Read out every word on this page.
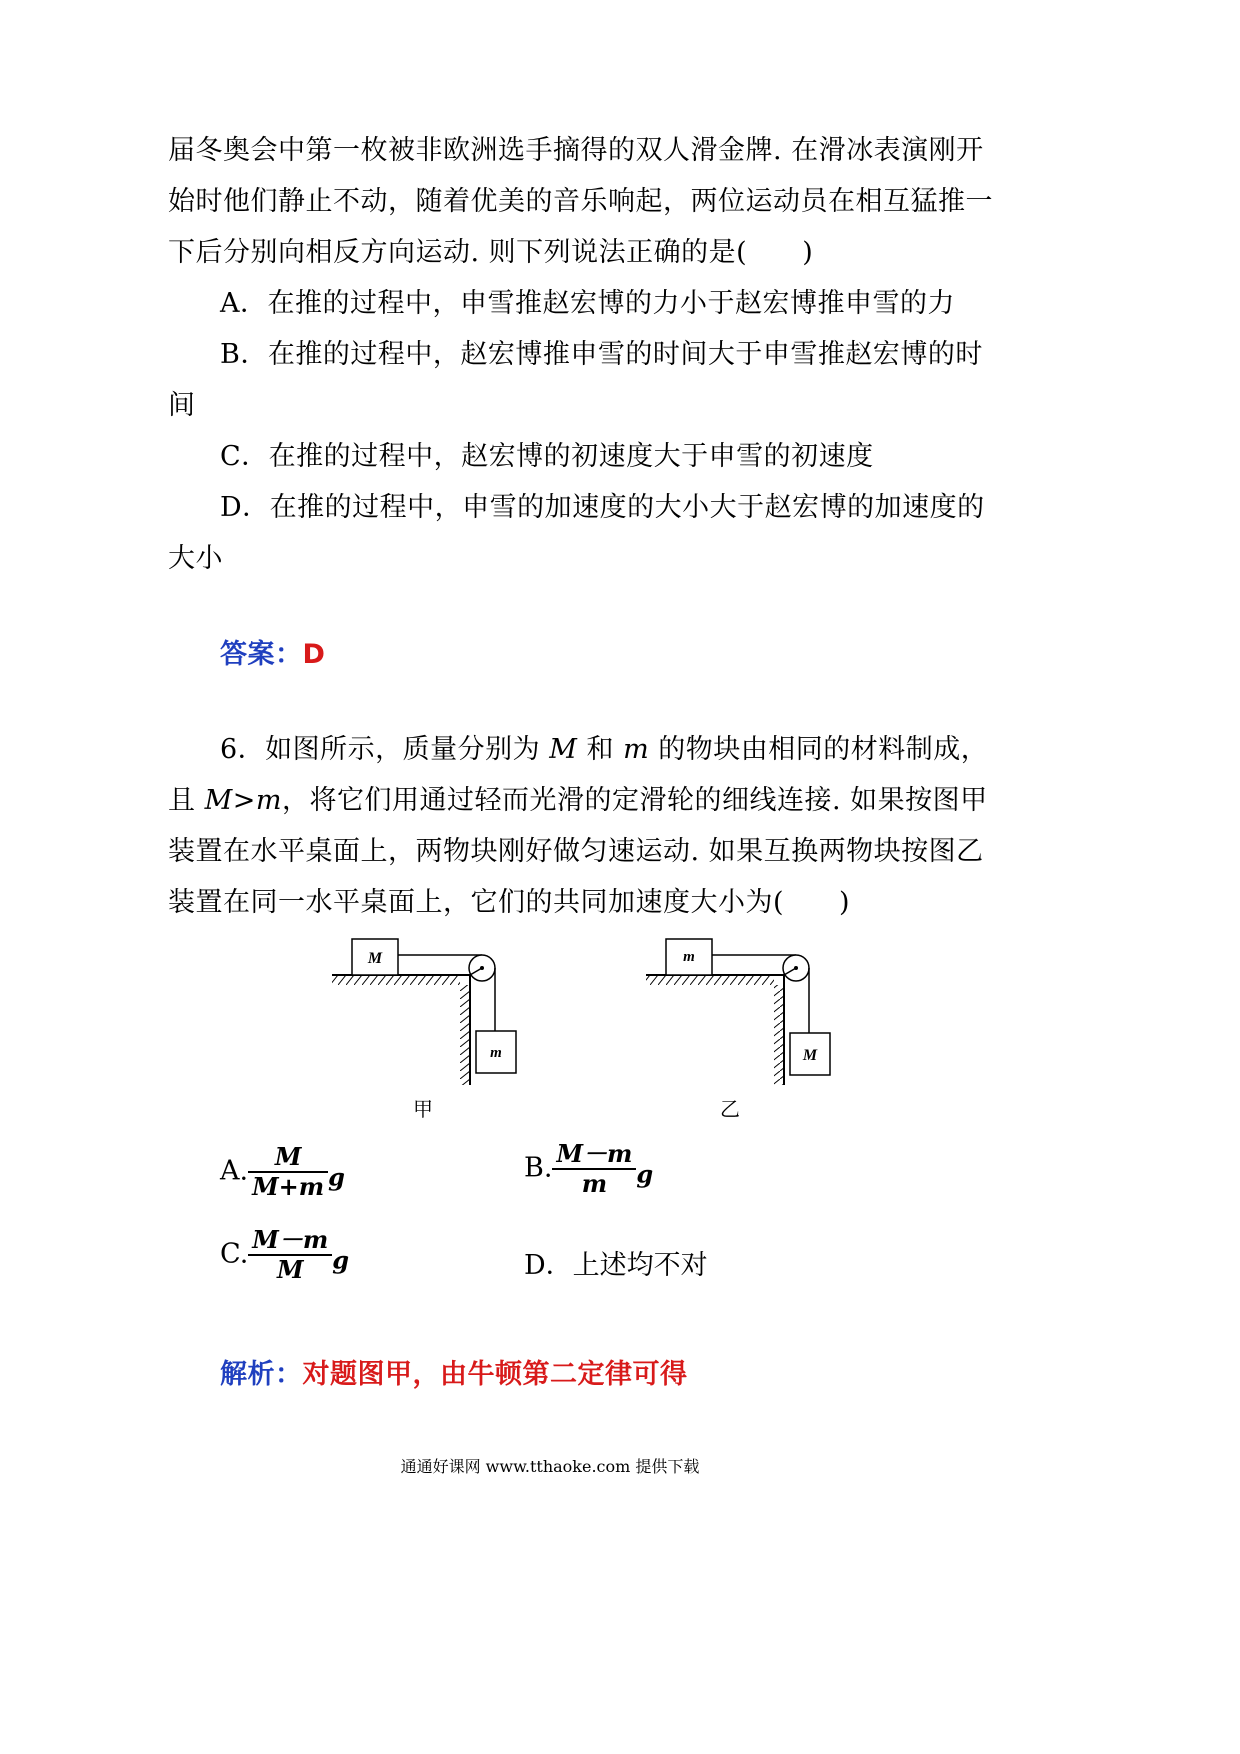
届冬奥会中第一枚被非欧洲选手摘得的双人滑金牌. 在滑冰表演刚开
始时他们静止不动，随着优美的音乐响起，两位运动员在相互猛推一
下后分别向相反方向运动. 则下列说法正确的是(　　)
A．在推的过程中，申雪推赵宏博的力小于赵宏博推申雪的力
B．在推的过程中，赵宏博推申雪的时间大于申雪推赵宏博的时
间
C．在推的过程中，赵宏博的初速度大于申雪的初速度
D．在推的过程中，申雪的加速度的大小大于赵宏博的加速度的
大小
答案：D
6．如图所示，质量分别为 M 和 m 的物块由相同的材料制成，
且 M>m，将它们用通过轻而光滑的定滑轮的细线连接. 如果按图甲
装置在水平桌面上，两物块刚好做匀速运动. 如果互换两物块按图乙
装置在同一水平桌面上，它们的共同加速度大小为(　　)
M
m
m
M
甲	乙
A. $\frac{M}{M+m}$ g	B. $\frac{M-m}{m}$ g
C. $\frac{M-m}{M}$ g	D．上述均不对
解析：对题图甲，由牛顿第二定律可得
通通好课网 www.tthaoke.com 提供下载
